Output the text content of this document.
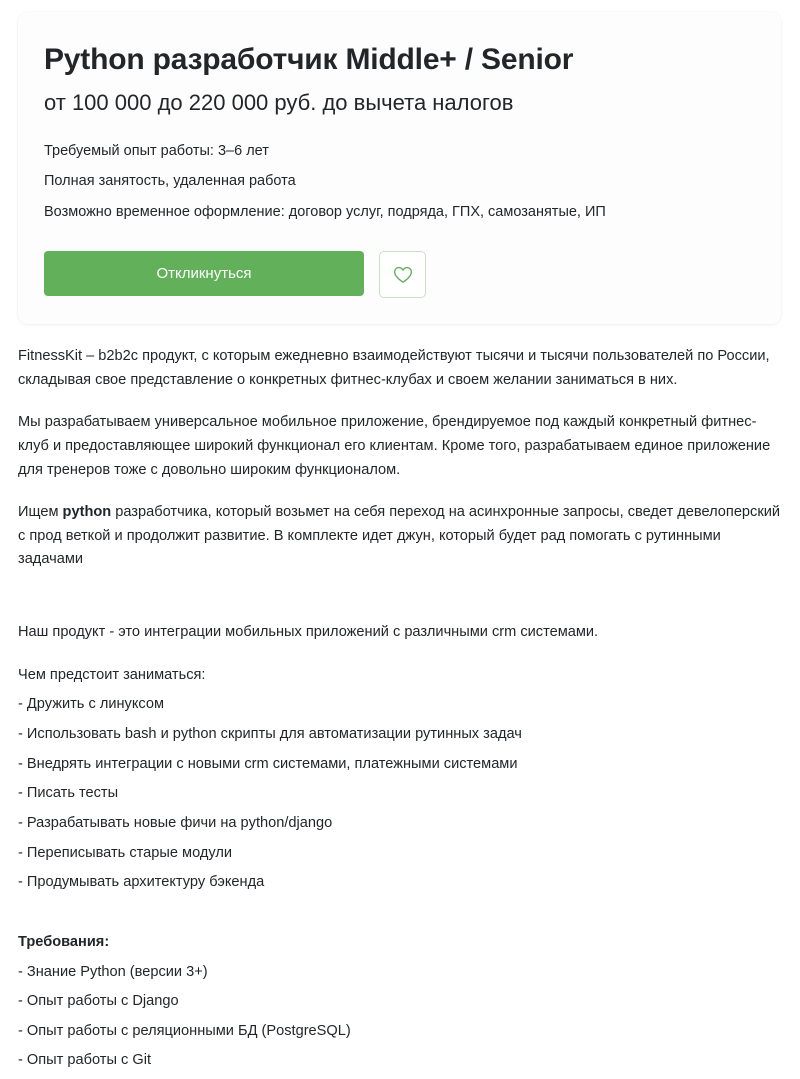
Python разработчик Middle+ / Senior
от 100 000 до 220 000 руб. до вычета налогов
Требуемый опыт работы: 3–6 лет
Полная занятость, удаленная работа
Возможно временное оформление: договор услуг, подряда, ГПХ, самозанятые, ИП
Откликнуться

FitnessKit – b2b2c продукт, с которым ежедневно взаимодействуют тысячи и тысячи пользователей по России, складывая свое представление о конкретных фитнес-клубах и своем желании заниматься в них.

Мы разрабатываем универсальное мобильное приложение, брендируемое под каждый конкретный фитнес-клуб и предоставляющее широкий функционал его клиентам. Кроме того, разрабатываем единое приложение для тренеров тоже с довольно широким функционалом.

Ищем python разработчика, который возьмет на себя переход на асинхронные запросы, сведет девелоперский с прод веткой и продолжит развитие. В комплекте идет джун, который будет рад помогать с рутинными задачами

Наш продукт - это интеграции мобильных приложений с различными crm системами.

Чем предстоит заниматься:
- Дружить с линуксом
- Использовать bash и python скрипты для автоматизации рутинных задач
- Внедрять интеграции с новыми crm системами, платежными системами
- Писать тесты
- Разрабатывать новые фичи на python/django
- Переписывать старые модули
- Продумывать архитектуру бэкенда
Требования:
- Знание Python (версии 3+)
- Опыт работы с Django
- Опыт работы с реляционными БД (PostgreSQL)
- Опыт работы с Git
